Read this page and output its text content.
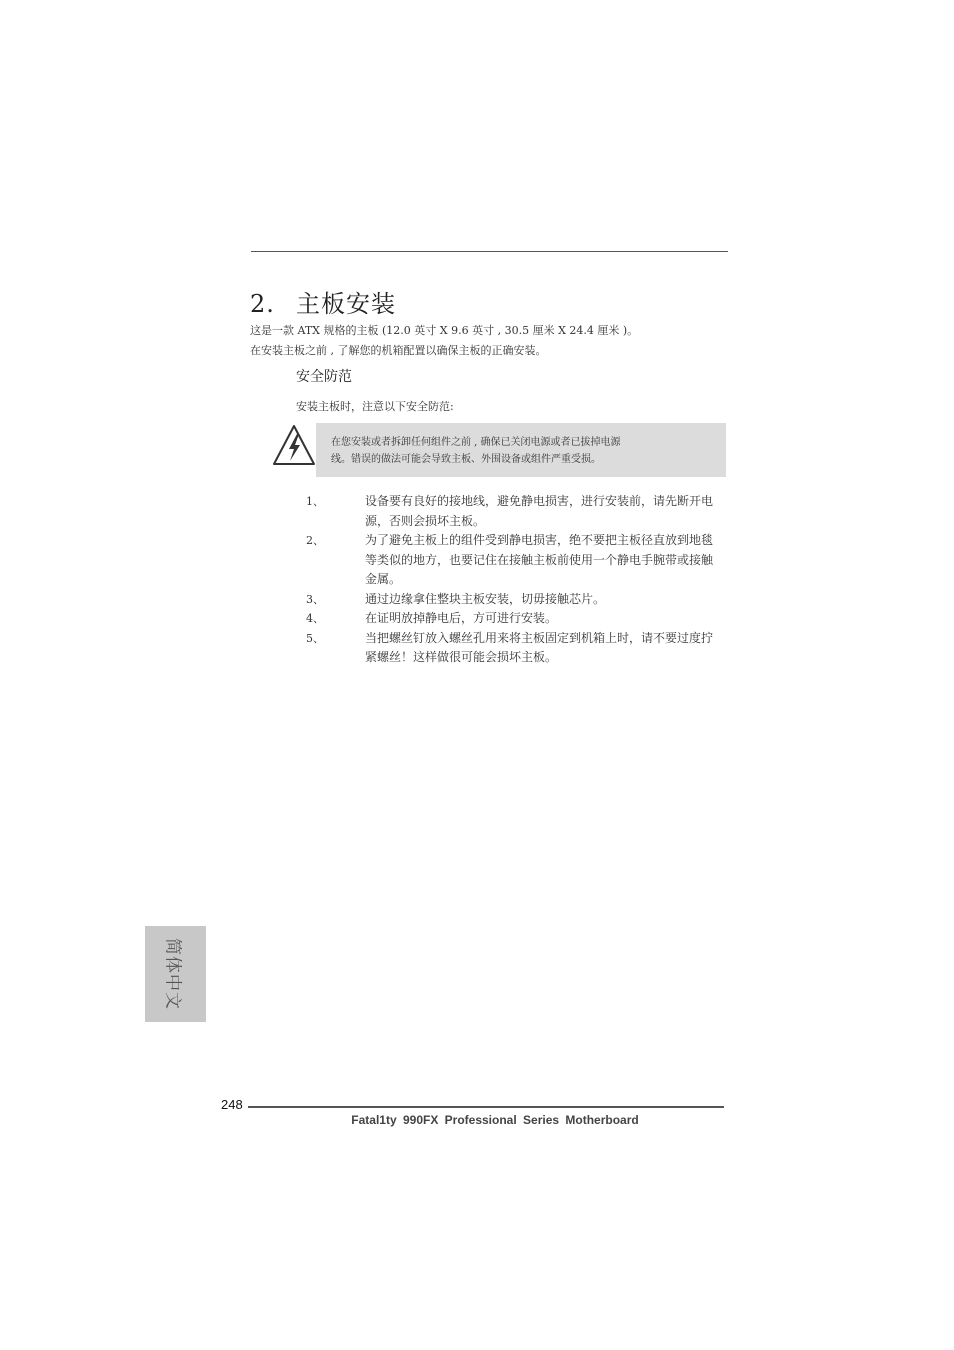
2. 主板安装
这是一款 ATX 规格的主板 (12.0 英寸 X 9.6 英寸 , 30.5 厘米 X 24.4 厘米 )。
在安装主板之前 , 了解您的机箱配置以确保主板的正确安装。
安全防范
安装主板时，注意以下安全防范:
在您安装或者拆卸任何组件之前 , 确保已关闭电源或者已拔掉电源
线。错误的做法可能会导致主板、外围设备或组件严重受损。
1、	设备要有良好的接地线，避免静电损害，进行安装前，请先断开电源，否则会损坏主板。
2、	为了避免主板上的组件受到静电损害，绝不要把主板径直放到地毯等类似的地方，也要记住在接触主板前使用一个静电手腕带或接触金属。
3、	通过边缘拿住整块主板安装，切毋接触芯片。
4、	在证明放掉静电后，方可进行安装。
5、	当把螺丝钉放入螺丝孔用来将主板固定到机箱上时，请不要过度拧紧螺丝！这样做很可能会损坏主板。
简体中文
248
Fatal1ty 990FX Professional Series Motherboard
